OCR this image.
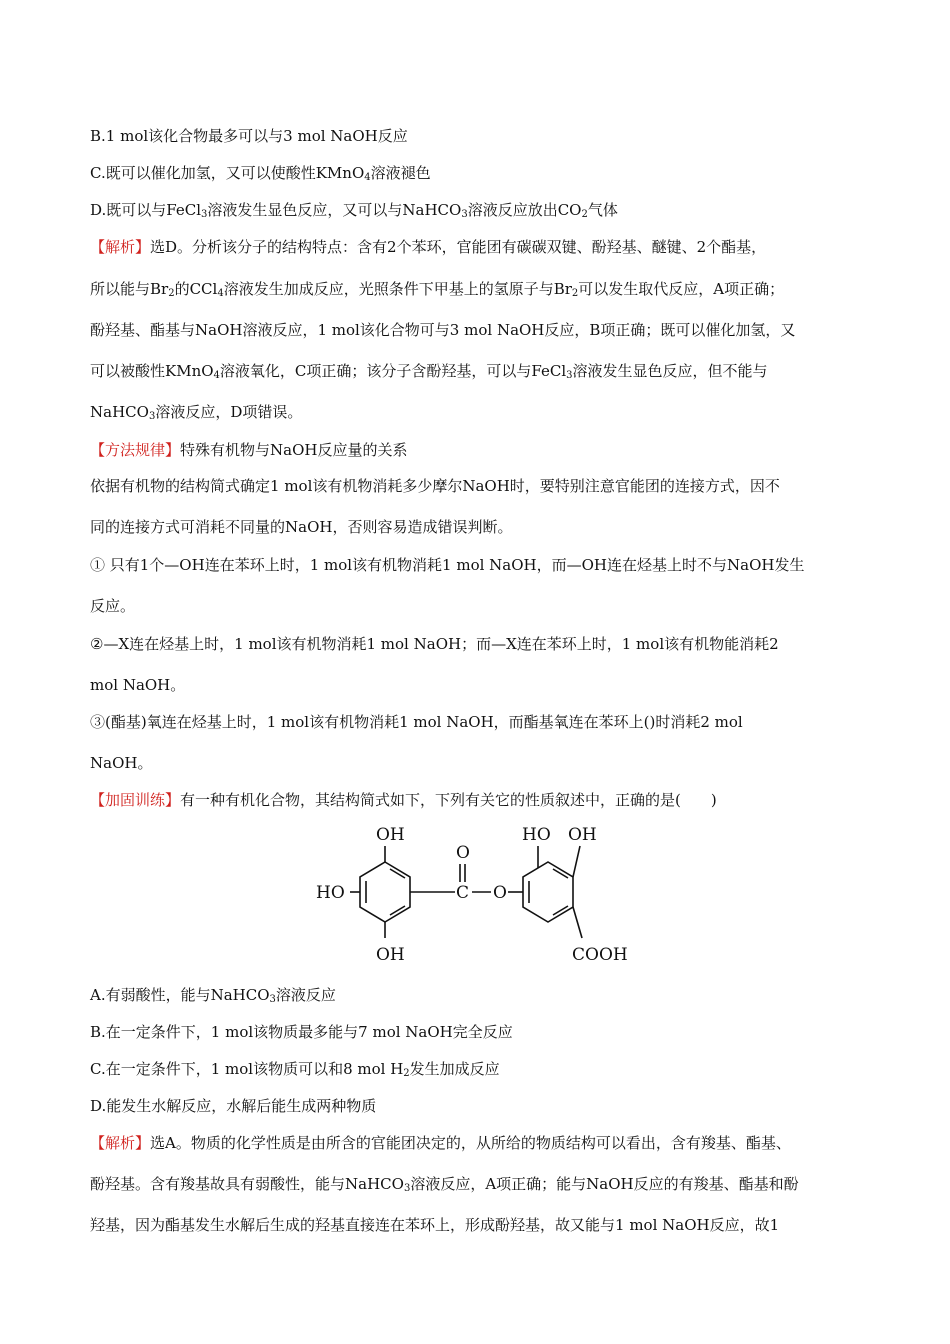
B.1 mol该化合物最多可以与3 mol NaOH反应
C.既可以催化加氢，又可以使酸性KMnO$_4$溶液褪色
D.既可以与FeCl$_3$溶液发生显色反应，又可以与NaHCO$_3$溶液反应放出$CO_2$气体
【解析】选D。分析该分子的结构特点：含有2个苯环，官能团有碳碳双键、酚羟基、醚键、2个酯基，
所以能与$Br_2$的CCl$_4$溶液发生加成反应，光照条件下甲基上的氢原子与$Br_2$可以发生取代反应，A项正确；
酚羟基、酯基与NaOH溶液反应，1 mol该化合物可与3 mol NaOH反应，B项正确；既可以催化加氢，又
可以被酸性KMnO$_4$溶液氧化，C项正确；该分子含酚羟基，可以与FeCl$_3$溶液发生显色反应，但不能与
NaHCO$_3$溶液反应，D项错误。
【方法规律】特殊有机物与NaOH反应量的关系
依据有机物的结构简式确定1 mol该有机物消耗多少摩尔NaOH时，要特别注意官能团的连接方式，因不
同的连接方式可消耗不同量的NaOH，否则容易造成错误判断。
① 只有1个—OH连在苯环上时，1 mol该有机物消耗1 mol NaOH，而—OH连在烃基上时不与NaOH发生
反应。
②—X连在烃基上时，1 mol该有机物消耗1 mol NaOH；而—X连在苯环上时，1 mol该有机物能消耗2
mol NaOH。
③(酯基)氧连在烃基上时，1 mol该有机物消耗1 mol NaOH，而酯基氧连在苯环上()时消耗2 mol
NaOH。
【加固训练】有一种有机化合物，其结构简式如下，下列有关它的性质叙述中，正确的是(　　)
OH	HO OH
O
HO	C O
OH	COOH
A.有弱酸性，能与NaHCO$_3$溶液反应
B.在一定条件下，1 mol该物质最多能与7 mol NaOH完全反应
C.在一定条件下，1 mol该物质可以和8 mol $H_2$发生加成反应
D.能发生水解反应，水解后能生成两种物质
【解析】选A。物质的化学性质是由所含的官能团决定的，从所给的物质结构可以看出，含有羧基、酯基、
酚羟基。含有羧基故具有弱酸性，能与NaHCO$_3$溶液反应，A项正确；能与NaOH反应的有羧基、酯基和酚
羟基，因为酯基发生水解后生成的羟基直接连在苯环上，形成酚羟基，故又能与1 mol NaOH反应，故1
